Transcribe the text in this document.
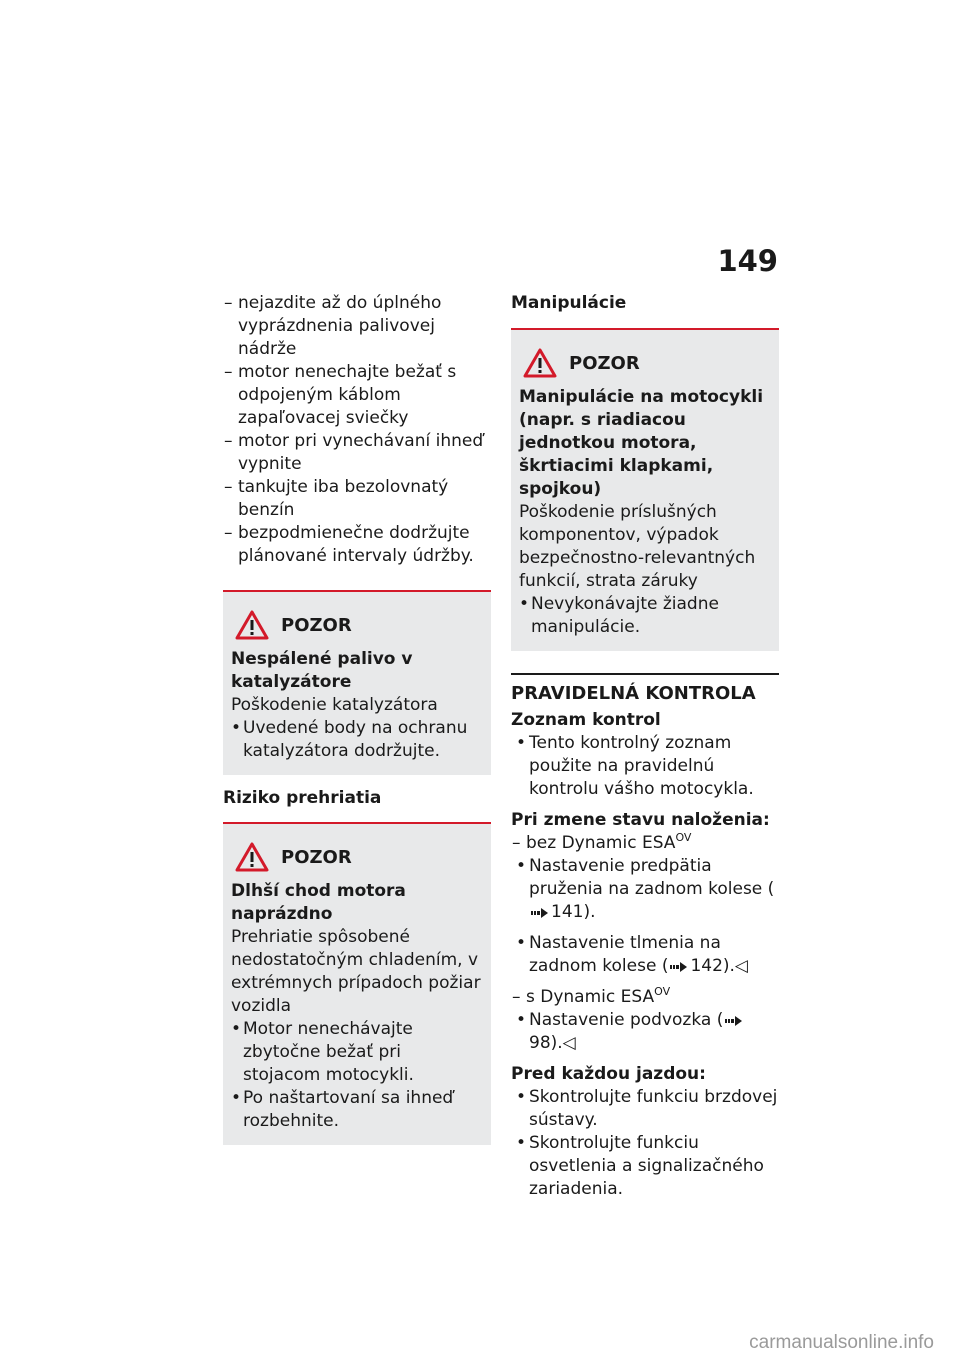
149

– nejazdite až do úplného vyprázdnenia palivovej nádrže

– motor nenechajte bežať s odpojeným káblom zapaľovacej sviečky

– motor pri vynechávaní ihneď vypnite

– tankujte iba bezolovnatý benzín

– bezpodmienečne dodržujte plánované intervaly údržby.

POZOR

Nespálené palivo v katalyzátore

Poškodenie katalyzátora

• Uvedené body na ochranu katalyzátora dodržujte.

Riziko prehriatia

POZOR

Dlhší chod motora naprázdno

Prehriatie spôsobené nedostatočným chladením, v extrémnych prípadoch požiar vozidla

• Motor nenechávajte zbytočne bežať pri stojacom motocykli.

• Po naštartovaní sa ihneď rozbehnite.

Manipulácie

POZOR

Manipulácie na motocykli (napr. s riadiacou jednotkou motora, škrtiacimi klapkami, spojkou)

Poškodenie príslušných komponentov, výpadok bezpečnostno-relevantných funkcií, strata záruky

• Nevykonávajte žiadne manipulácie.

PRAVIDELNÁ KONTROLA

Zoznam kontrol

• Tento kontrolný zoznam použite na pravidelnú kontrolu vášho motocykla.

Pri zmene stavu naloženia:

– bez Dynamic $ESA^{OV}$

• Nastavenie predpätia pruženia na zadnom kolese (141).

• Nastavenie tlmenia na zadnom kolese ( 142).◁

– s Dynamic $ESA^{OV}$

• Nastavenie podvozka (98).◁

Pred každou jazdou:

• Skontrolujte funkciu brzdovej sústavy.

• Skontrolujte funkciu osvetlenia a signalizačného zariadenia.

carmanualsonline.info
